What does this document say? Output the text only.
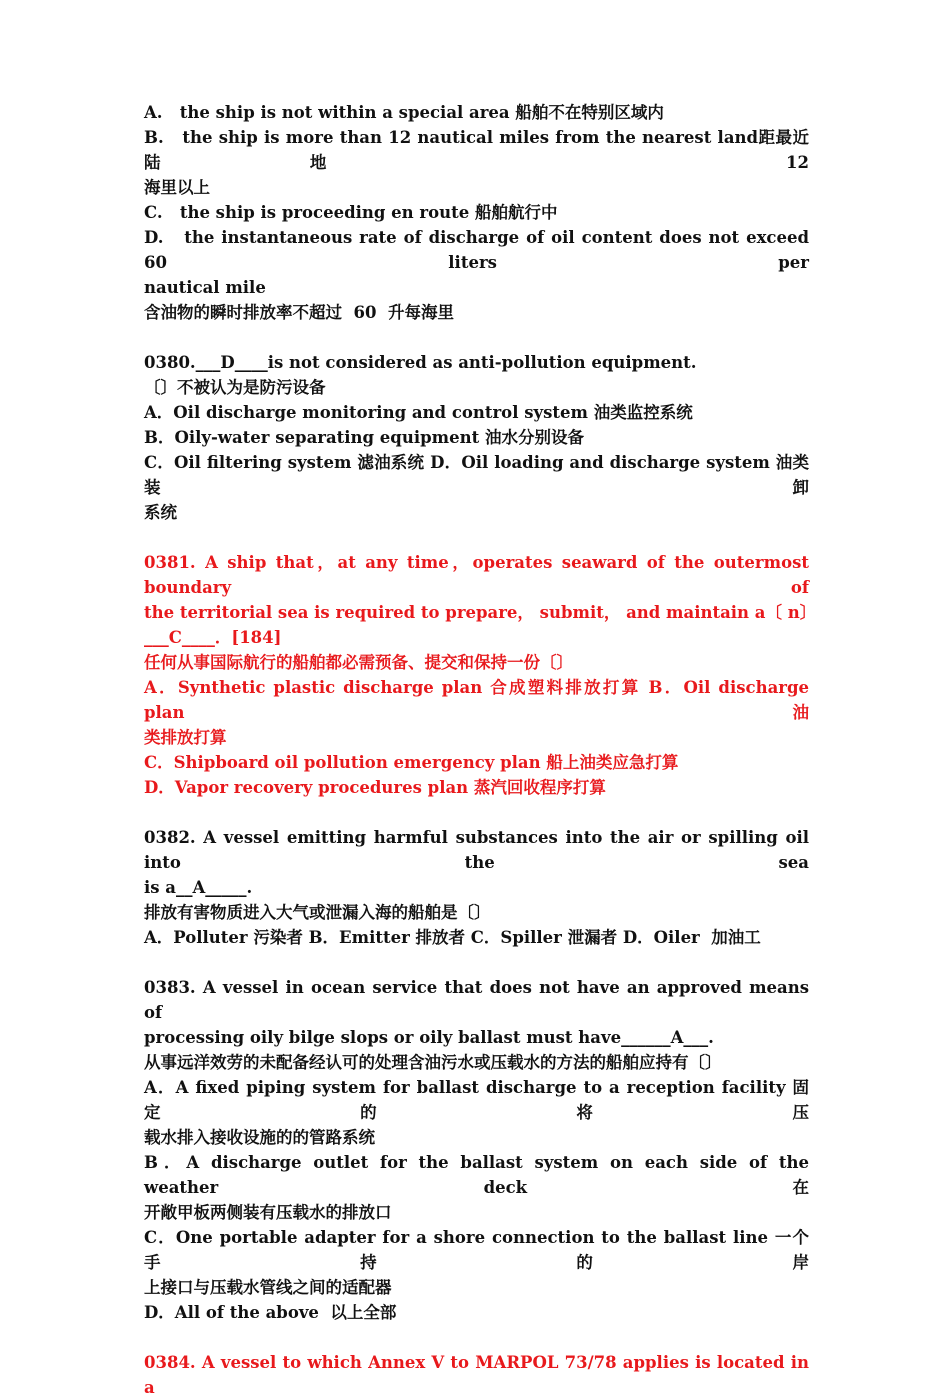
A.   the ship is not within a special area 船舶不在特别区域内
B.   the ship is more than 12 nautical miles from the nearest land距最近陆地  12
海里以上
C.   the ship is proceeding en route 船舶航行中
D.   the instantaneous rate of discharge of oil content does not exceed 60 liters per
nautical mile
含油物的瞬时排放率不超过  60  升每海里
0380.___D____is not considered as anti-pollution equipment.
〔〕不被认为是防污设备
A．Oil discharge monitoring and control system 油类监控系统
B．Oily-water separating equipment 油水分别设备
C．Oil filtering system 滤油系统 D．Oil loading and discharge system 油类装卸
系统
0381. A ship that，at any time，operates seaward of the outermost boundary of
the territorial sea is required to prepare， submit， and maintain a〔 n〕
___C____．[184]
任何从事国际航行的船舶都必需预备、提交和保持一份〔〕
A．Synthetic plastic discharge plan 合成塑料排放打算 B．Oil discharge plan 油
类排放打算
C．Shipboard oil pollution emergency plan 船上油类应急打算
D．Vapor recovery procedures plan 蒸汽回收程序打算
0382. A vessel emitting harmful substances into the air or spilling oil into the sea
is a__A_____.
排放有害物质进入大气或泄漏入海的船舶是〔〕
A．Polluter 污染者 B．Emitter 排放者 C．Spiller 泄漏者 D．Oiler  加油工
0383. A vessel in ocean service that does not have an approved means of
processing oily bilge slops or oily ballast must have______A___.
从事远洋效劳的未配备经认可的处理含油污水或压载水的方法的船舶应持有〔〕
A．A fixed piping system for ballast discharge to a reception facility 固定的将压
载水排入接收设施的的管路系统
B．A discharge outlet for the ballast system on each side of the weather deck 在
开敞甲板两侧装有压载水的排放口
C．One portable adapter for a shore connection to the ballast line 一个手持的岸
上接口与压载水管线之间的适配器
D．All of the above  以上全部
0384. A vessel to which Annex V to MARPOL 73/78 applies is located in a
